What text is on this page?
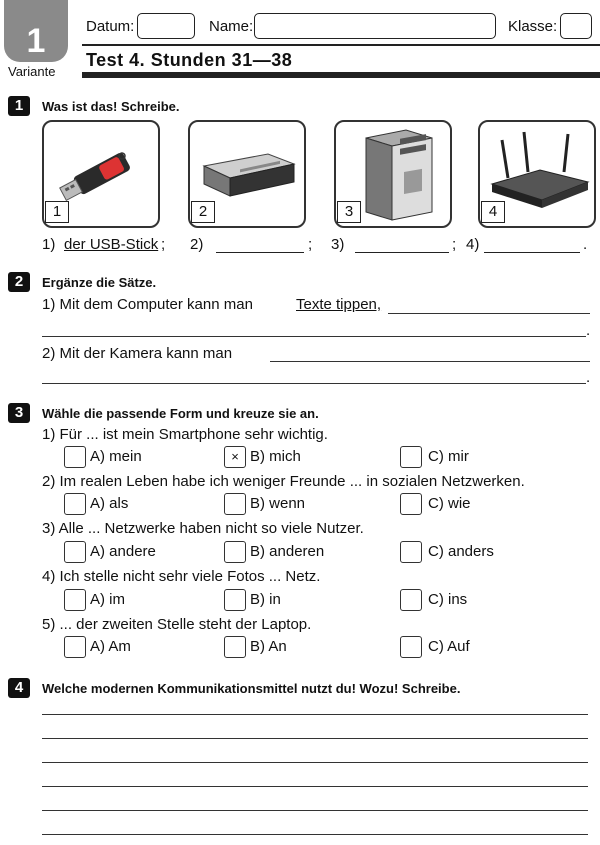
1
Variante
Datum:	Name:	Klasse:
Test 4. Stunden 31—38
1	Was ist das! Schreibe.
1	2	3	4
1) der USB-Stick ; 2)	; 3)	; 4)	.
2	Ergänze die Sätze.
1) Mit dem Computer kann man	Texte tippen,
.
2) Mit der Kamera kann man
.
3	Wähle die passende Form und kreuze sie an.
1) Für ... ist mein Smartphone sehr wichtig.
A) mein	× B) mich	C) mir
2) Im realen Leben habe ich weniger Freunde ... in sozialen Netzwerken.
A) als	B) wenn	C) wie
3) Alle ... Netzwerke haben nicht so viele Nutzer.
A) andere	B) anderen	C) anders
4) Ich stelle nicht sehr viele Fotos ... Netz.
A) im	B) in	C) ins
5) ... der zweiten Stelle steht der Laptop.
A) Am	B) An	C) Auf
4	Welche modernen Kommunikationsmittel nutzt du! Wozu! Schreibe.
